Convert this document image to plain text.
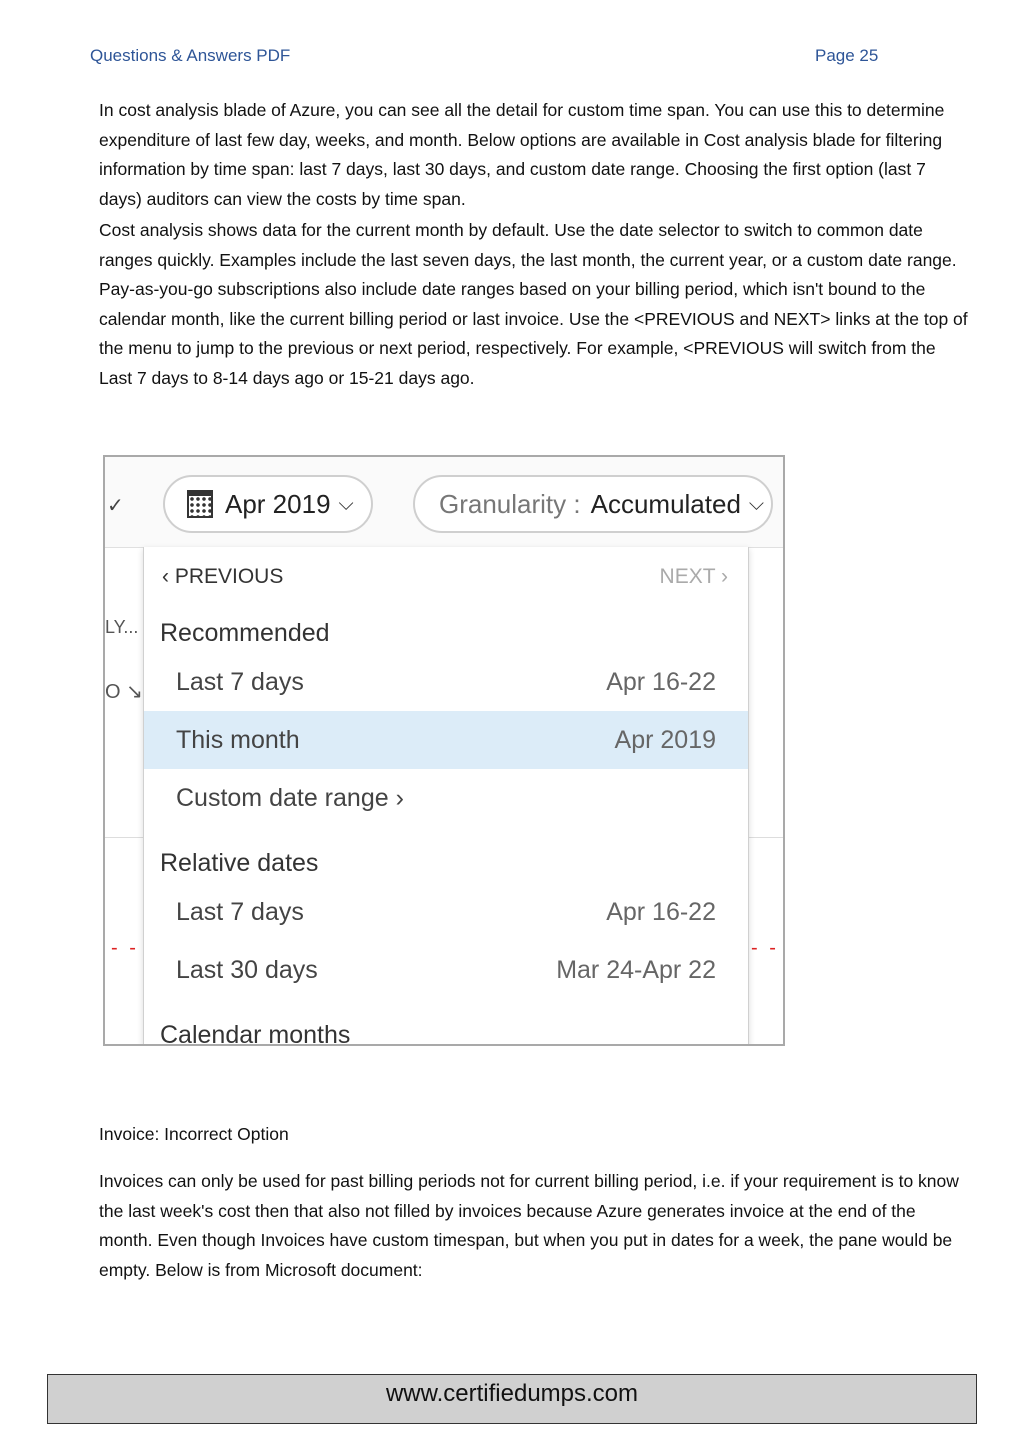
Questions & Answers PDF	Page 25

In cost analysis blade of Azure, you can see all the detail for custom time span. You can use this to determine expenditure of last few day, weeks, and month. Below options are available in Cost analysis blade for filtering information by time span: last 7 days, last 30 days, and custom date range. Choosing the first option (last 7 days) auditors can view the costs by time span.

Cost analysis shows data for the current month by default. Use the date selector to switch to common date ranges quickly. Examples include the last seven days, the last month, the current year, or a custom date range. Pay-as-you-go subscriptions also include date ranges based on your billing period, which isn't bound to the calendar month, like the current billing period or last invoice. Use the <PREVIOUS and NEXT> links at the top of the menu to jump to the previous or next period, respectively. For example, <PREVIOUS will switch from the Last 7 days to 8-14 days ago or 15-21 days ago.

✓	Apr 2019 ⌵	Granularity : Accumulated ⌵
LY...
O ↘
- -	- -
‹ PREVIOUS	NEXT ›
Recommended
Last 7 days	Apr 16-22
This month	Apr 2019
Custom date range ›
Relative dates
Last 7 days	Apr 16-22
Last 30 days	Mar 24-Apr 22
Calendar months

Invoice: Incorrect Option

Invoices can only be used for past billing periods not for current billing period, i.e. if your requirement is to know the last week's cost then that also not filled by invoices because Azure generates invoice at the end of the month. Even though Invoices have custom timespan, but when you put in dates for a week, the pane would be empty. Below is from Microsoft document:

www.certifiedumps.com
